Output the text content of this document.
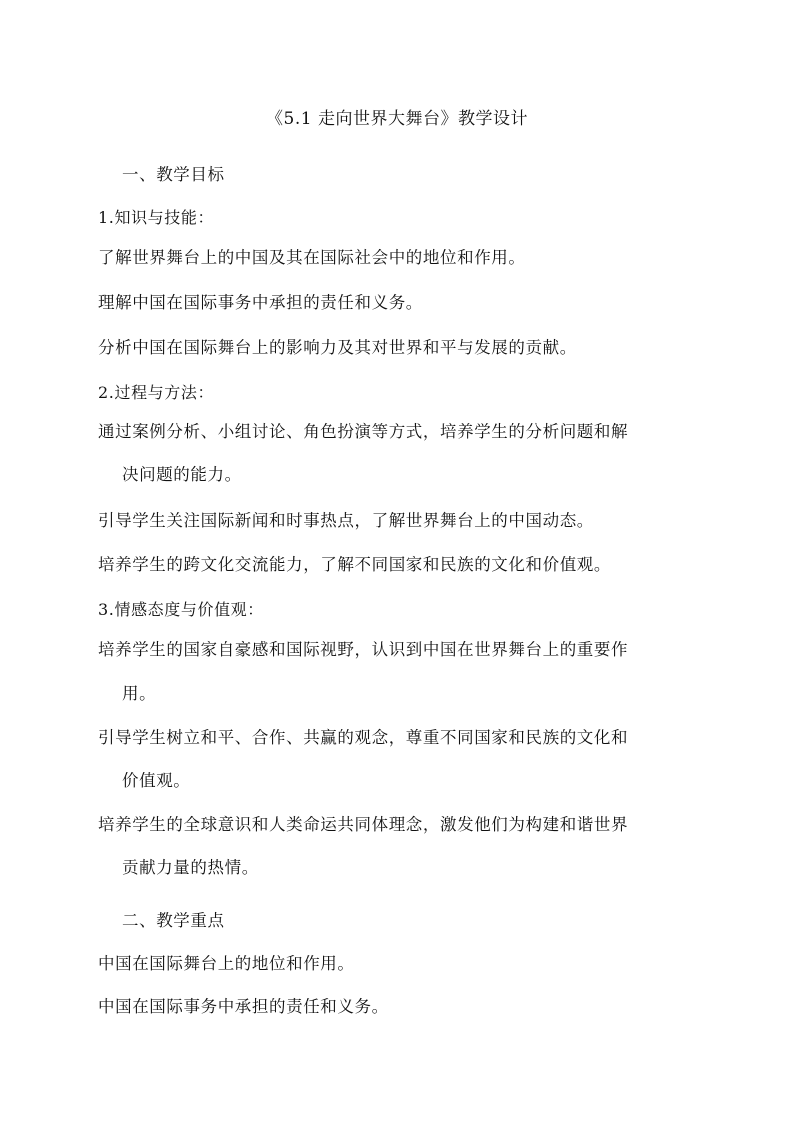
《5.1 走向世界大舞台》教学设计
一、教学目标
1.知识与技能：
了解世界舞台上的中国及其在国际社会中的地位和作用。
理解中国在国际事务中承担的责任和义务。
分析中国在国际舞台上的影响力及其对世界和平与发展的贡献。
2.过程与方法：
通过案例分析、小组讨论、角色扮演等方式，培养学生的分析问题和解
决问题的能力。
引导学生关注国际新闻和时事热点，了解世界舞台上的中国动态。
培养学生的跨文化交流能力，了解不同国家和民族的文化和价值观。
3.情感态度与价值观：
培养学生的国家自豪感和国际视野，认识到中国在世界舞台上的重要作
用。
引导学生树立和平、合作、共赢的观念，尊重不同国家和民族的文化和
价值观。
培养学生的全球意识和人类命运共同体理念，激发他们为构建和谐世界
贡献力量的热情。
二、教学重点
中国在国际舞台上的地位和作用。
中国在国际事务中承担的责任和义务。
